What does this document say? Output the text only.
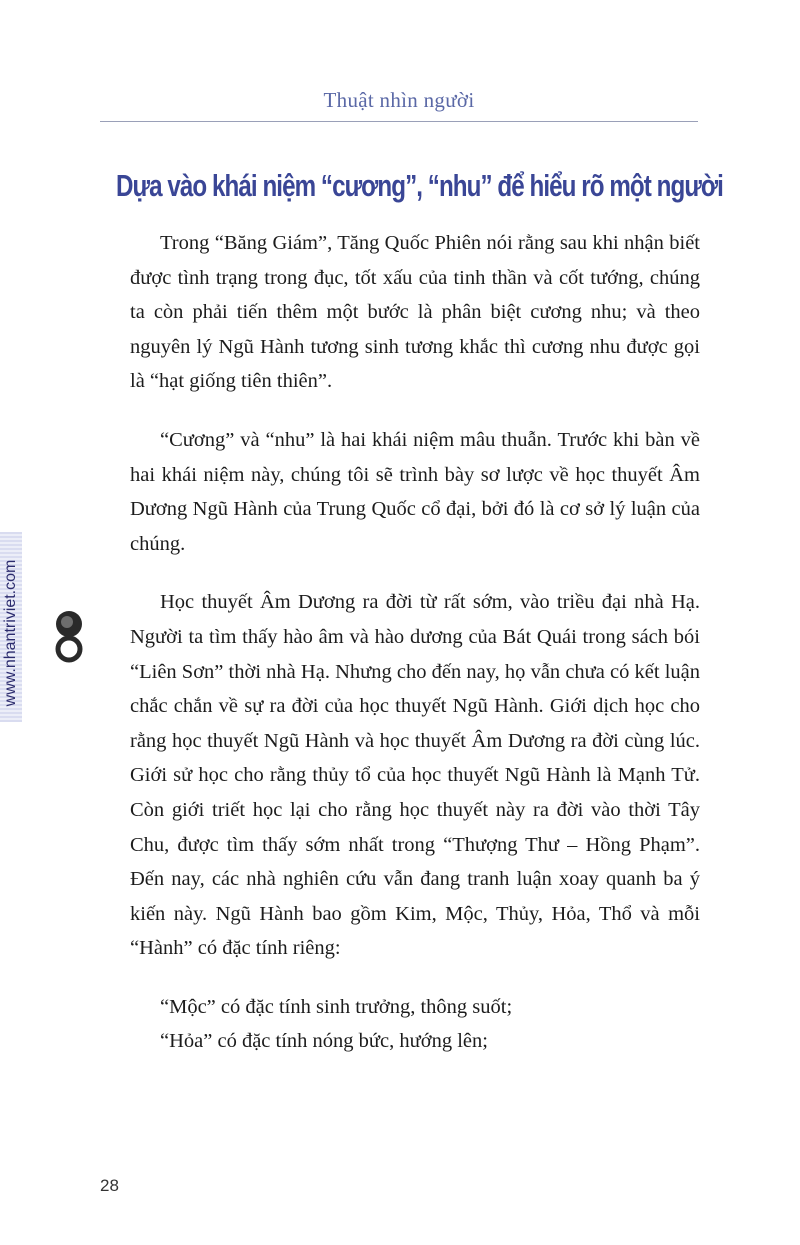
Thuật nhìn người
Dựa vào khái niệm “cương”, “nhu” để hiểu rõ một người

Trong “Băng Giám”, Tăng Quốc Phiên nói rằng sau khi nhận biết được tình trạng trong đục, tốt xấu của tinh thần và cốt tướng, chúng ta còn phải tiến thêm một bước là phân biệt cương nhu; và theo nguyên lý Ngũ Hành tương sinh tương khắc thì cương nhu được gọi là “hạt giống tiên thiên”.

“Cương” và “nhu” là hai khái niệm mâu thuẫn. Trước khi bàn về hai khái niệm này, chúng tôi sẽ trình bày sơ lược về học thuyết Âm Dương Ngũ Hành của Trung Quốc cổ đại, bởi đó là cơ sở lý luận của chúng.

Học thuyết Âm Dương ra đời từ rất sớm, vào triều đại nhà Hạ. Người ta tìm thấy hào âm và hào dương của Bát Quái trong sách bói “Liên Sơn” thời nhà Hạ. Nhưng cho đến nay, họ vẫn chưa có kết luận chắc chắn về sự ra đời của học thuyết Ngũ Hành. Giới dịch học cho rằng học thuyết Ngũ Hành và học thuyết Âm Dương ra đời cùng lúc. Giới sử học cho rằng thủy tổ của học thuyết Ngũ Hành là Mạnh Tử. Còn giới triết học lại cho rằng học thuyết này ra đời vào thời Tây Chu, được tìm thấy sớm nhất trong “Thượng Thư – Hồng Phạm”. Đến nay, các nhà nghiên cứu vẫn đang tranh luận xoay quanh ba ý kiến này. Ngũ Hành bao gồm Kim, Mộc, Thủy, Hỏa, Thổ và mỗi “Hành” có đặc tính riêng:

“Mộc” có đặc tính sinh trưởng, thông suốt;

“Hỏa” có đặc tính nóng bức, hướng lên;

www.nhantriviet.com
28
